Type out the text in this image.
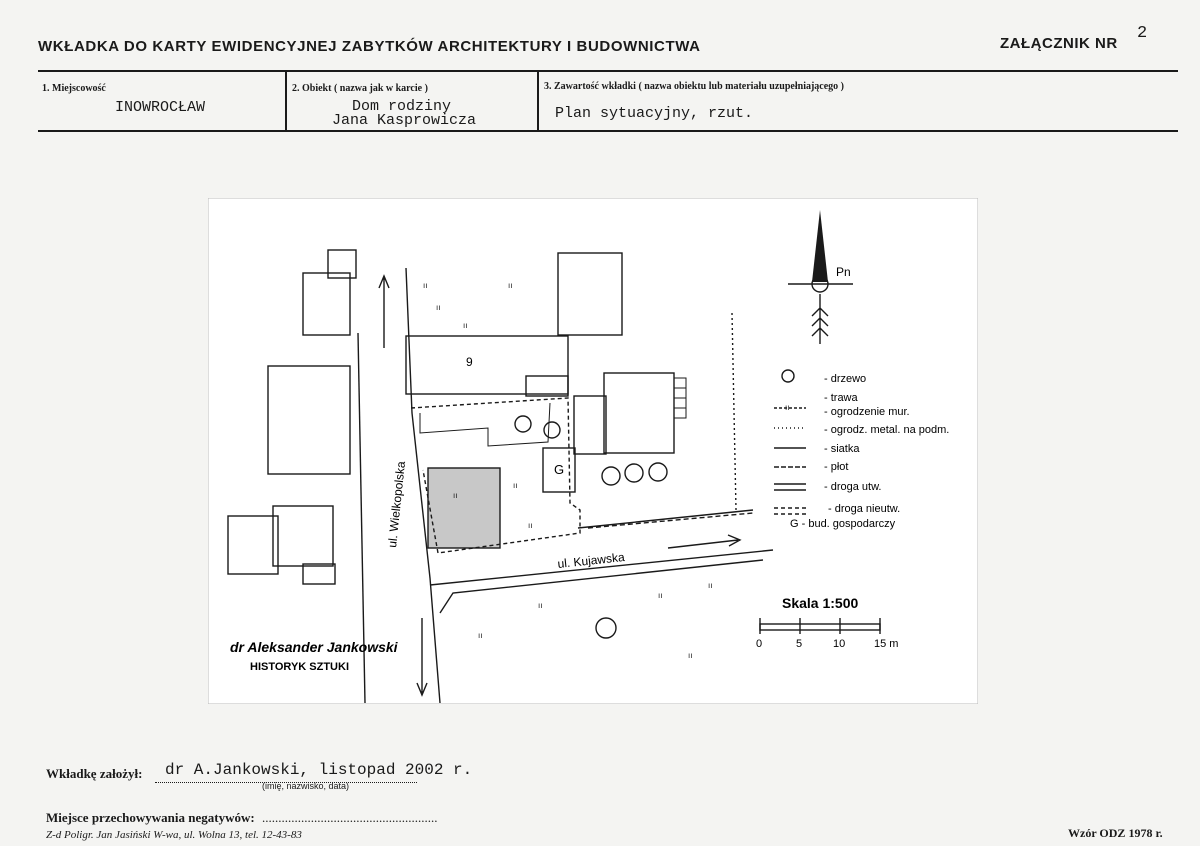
WKŁADKA DO KARTY EWIDENCYJNEJ ZABYTKÓW ARCHITEKTURY I BUDOWNICTWA	ZAŁĄCZNIK NR
2
1. Miejscowość
INOWROCŁAW
2. Obiekt ( nazwa jak w karcie )
Dom rodziny
Jana Kasprowicza
3. Zawartość wkładki ( nazwa obiektu lub materiału uzupełniającego )
Plan sytuacyjny, rzut.
ıı
ıı
ıı
ıı
ıı
ıı
ıı
ıı
ıı
ıı
ıı
ıı
ıı
Pn
9
G
ul. Wielkopolska
ul. Kujawska
- drzewo
- trawa
- ogrodzenie mur.
- ogrodz. metal. na podm.
- siatka
- płot
- droga utw.
- droga nieutw.
G - bud. gospodarczy
Skala 1:500
0	5	10	15 m
dr Aleksander Jankowski
HISTORYK SZTUKI
Wkładkę założył: dr A.Jankowski, listopad 2002 r.
(imię, nazwisko, data)
Miejsce przechowywania negatywów: ......................................................
Z-d Poligr. Jan Jasiński W-wa, ul. Wolna 13, tel. 12-43-83	Wzór ODZ 1978 r.
